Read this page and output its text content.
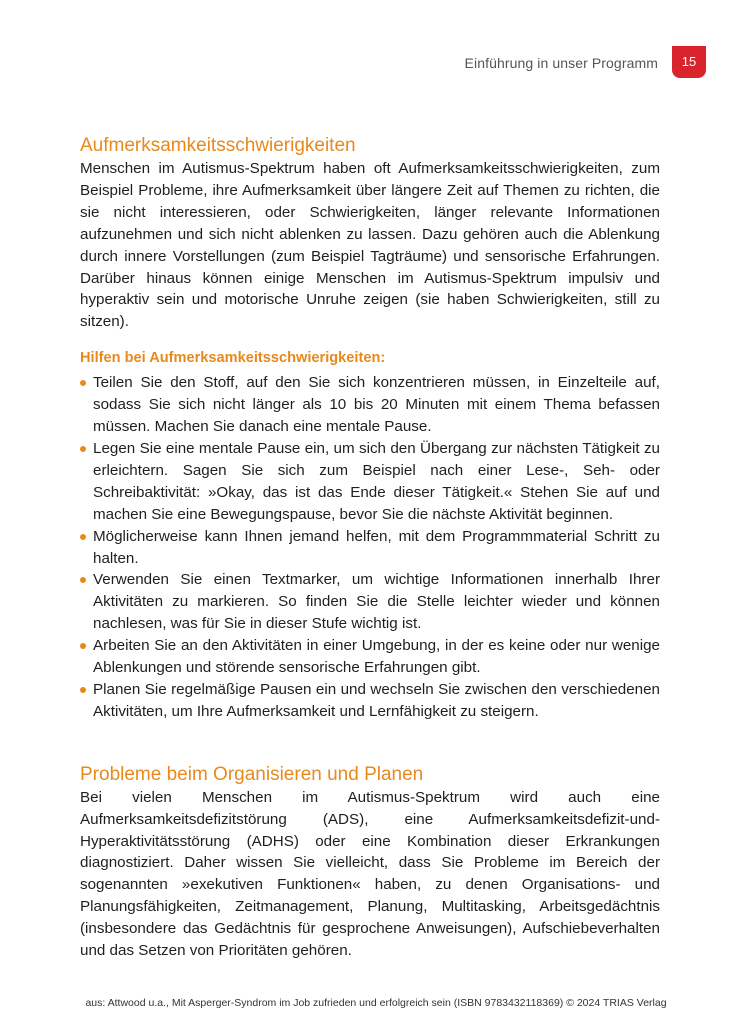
Einführung in unser Programm	15
Aufmerksamkeitsschwierigkeiten

Menschen im Autismus-Spektrum haben oft Aufmerksamkeitsschwierigkeiten, zum Beispiel Probleme, ihre Aufmerksamkeit über längere Zeit auf Themen zu richten, die sie nicht interessieren, oder Schwierigkeiten, länger relevante Informationen aufzunehmen und sich nicht ablenken zu lassen. Dazu gehören auch die Ablenkung durch innere Vorstellungen (zum Beispiel Tagträume) und sensorische Erfahrungen. Darüber hinaus können einige Menschen im Autismus-Spektrum impulsiv und hyperaktiv sein und motorische Unruhe zeigen (sie haben Schwierigkeiten, still zu sitzen).

Hilfen bei Aufmerksamkeitsschwierigkeiten:
Teilen Sie den Stoff, auf den Sie sich konzentrieren müssen, in Einzelteile auf, sodass Sie sich nicht länger als 10 bis 20 Minuten mit einem Thema befassen müssen. Machen Sie danach eine mentale Pause.
Legen Sie eine mentale Pause ein, um sich den Übergang zur nächsten Tätigkeit zu erleichtern. Sagen Sie sich zum Beispiel nach einer Lese-, Seh- oder Schreibaktivität: »Okay, das ist das Ende dieser Tätigkeit.« Stehen Sie auf und machen Sie eine Bewegungspause, bevor Sie die nächste Aktivität beginnen.
Möglicherweise kann Ihnen jemand helfen, mit dem Programmmaterial Schritt zu halten.
Verwenden Sie einen Textmarker, um wichtige Informationen innerhalb Ihrer Aktivitäten zu markieren. So finden Sie die Stelle leichter wieder und können nachlesen, was für Sie in dieser Stufe wichtig ist.
Arbeiten Sie an den Aktivitäten in einer Umgebung, in der es keine oder nur wenige Ablenkungen und störende sensorische Erfahrungen gibt.
Planen Sie regelmäßige Pausen ein und wechseln Sie zwischen den verschiedenen Aktivitäten, um Ihre Aufmerksamkeit und Lernfähigkeit zu steigern.
Probleme beim Organisieren und Planen

Bei vielen Menschen im Autismus-Spektrum wird auch eine Aufmerksamkeitsdefizitstörung (ADS), eine Aufmerksamkeitsdefizit-und-Hyperaktivitätsstörung (ADHS) oder eine Kombination dieser Erkrankungen diagnostiziert. Daher wissen Sie vielleicht, dass Sie Probleme im Bereich der sogenannten »exekutiven Funktionen« haben, zu denen Organisations- und Planungsfähigkeiten, Zeitmanagement, Planung, Multitasking, Arbeitsgedächtnis (insbesondere das Gedächtnis für gesprochene Anweisungen), Aufschiebeverhalten und das Setzen von Prioritäten gehören.

aus: Attwood u.a., Mit Asperger-Syndrom im Job zufrieden und erfolgreich sein (ISBN 9783432118369) © 2024 TRIAS Verlag
